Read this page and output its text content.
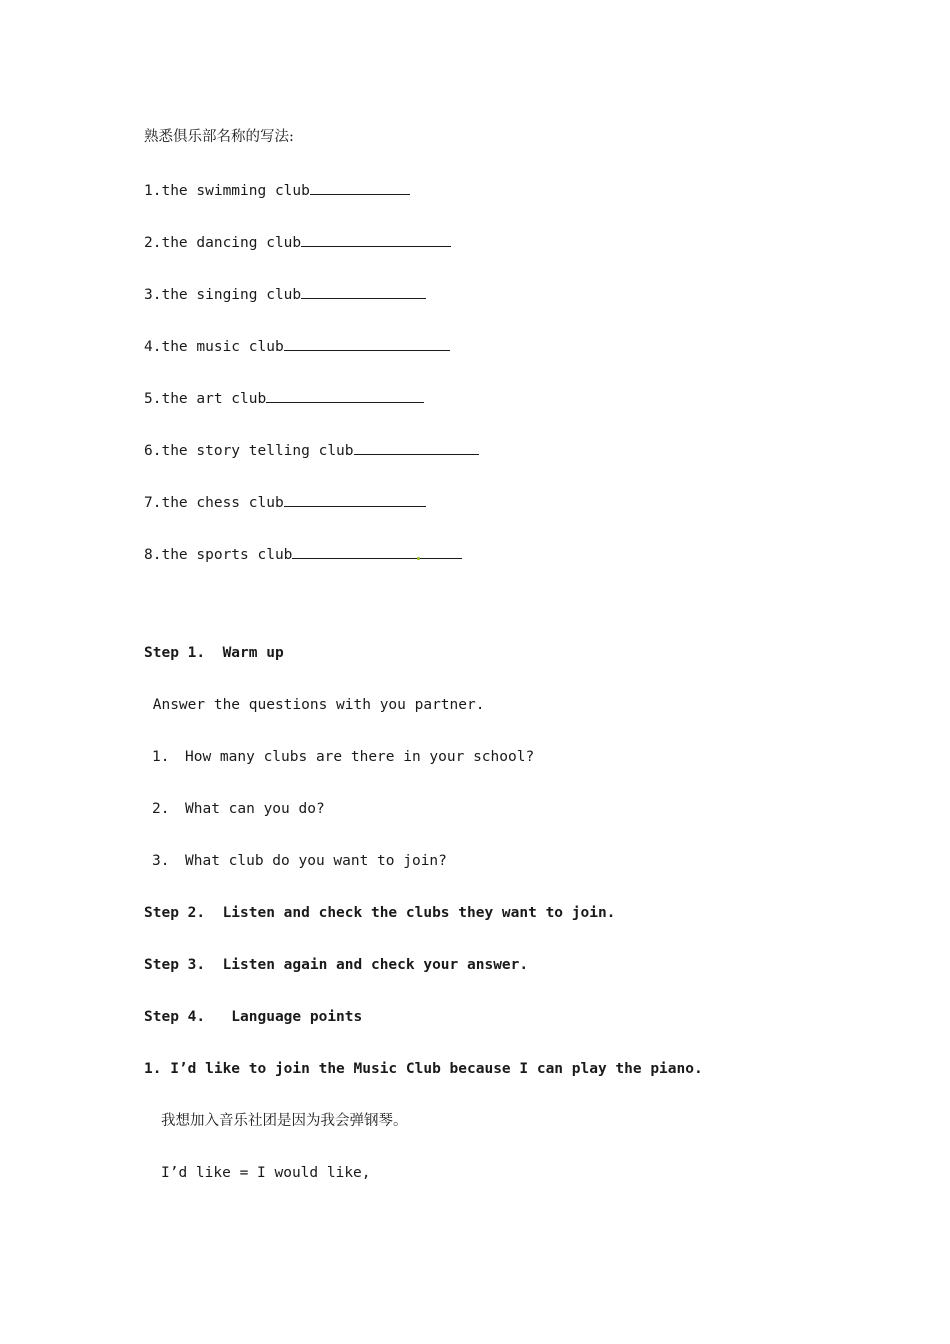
熟悉俱乐部名称的写法:
1.the swimming club
2.the dancing club
3.the singing club
4.the music club
5.the art club
6.the story telling club
7.the chess club
8.the sports club
Step 1.  Warm up
Answer the questions with you partner.
1. How many clubs are there in your school?
2. What can you do?
3. What club do you want to join?
Step 2.  Listen and check the clubs they want to join.
Step 3.  Listen again and check your answer.
Step 4.   Language points
1. I’d like to join the Music Club because I can play the piano.
我想加入音乐社团是因为我会弹钢琴。
I’d like = I would like,
